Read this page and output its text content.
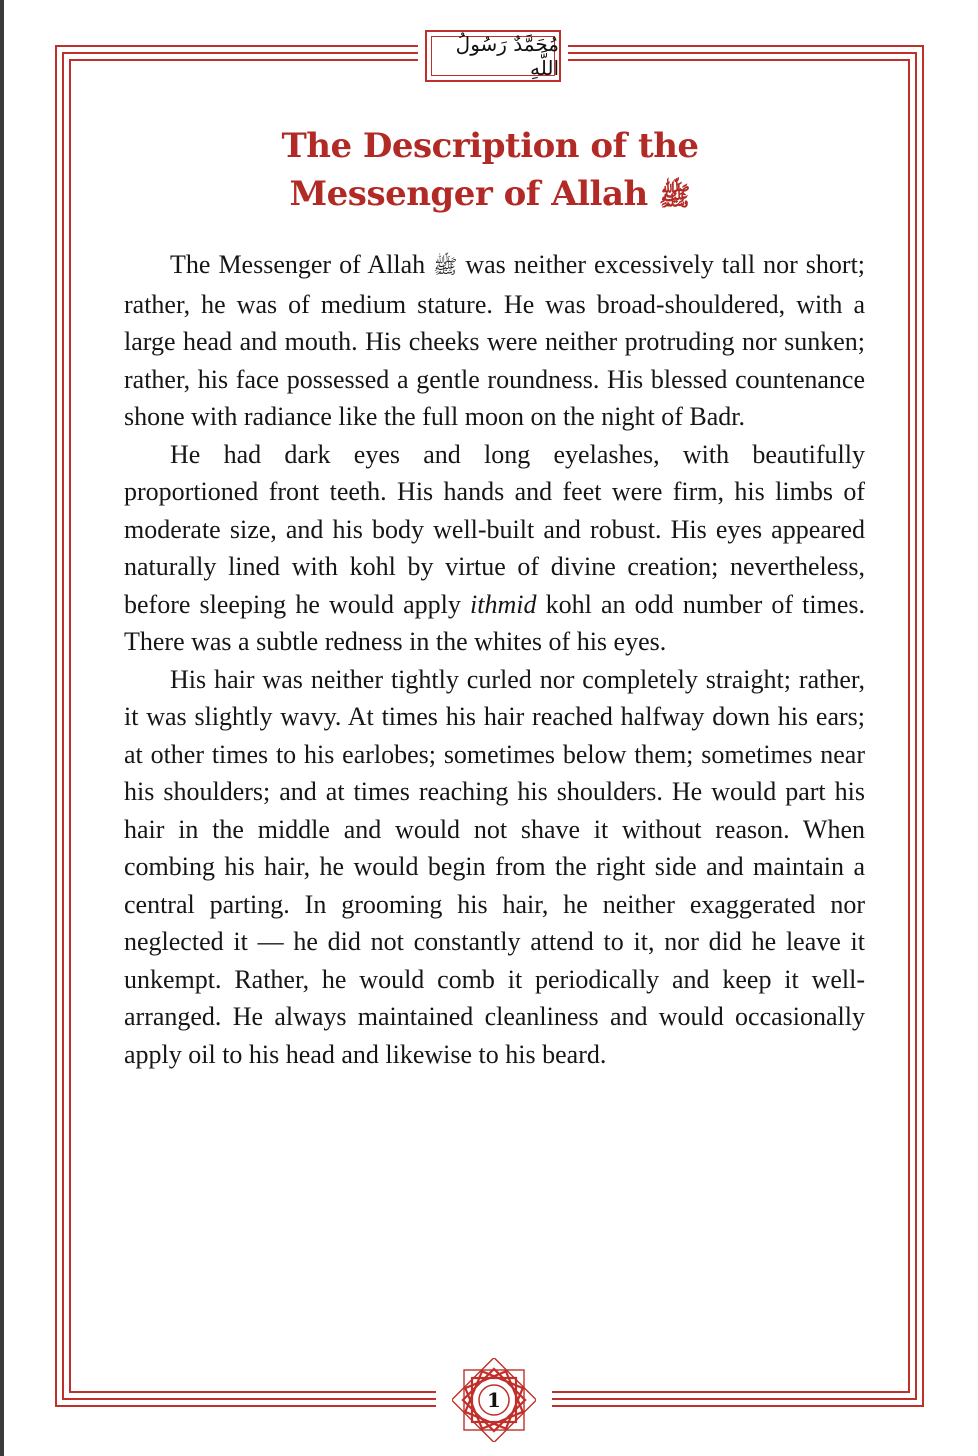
مُحَمَّدٌ رَسُولُ اللَّهِ
The Description of the
Messenger of Allah ﷺ

The Messenger of Allah ﷺ was neither excessively tall nor short; rather, he was of medium stature. He was broad-shouldered, with a large head and mouth. His cheeks were neither protruding nor sunken; rather, his face possessed a gentle roundness. His blessed countenance shone with radiance like the full moon on the night of Badr.

He had dark eyes and long eyelashes, with beautifully proportioned front teeth. His hands and feet were firm, his limbs of moderate size, and his body well-built and robust. His eyes appeared naturally lined with kohl by virtue of divine creation; nevertheless, before sleeping he would apply ithmid kohl an odd number of times. There was a subtle redness in the whites of his eyes.

His hair was neither tightly curled nor completely straight; rather, it was slightly wavy. At times his hair reached halfway down his ears; at other times to his earlobes; sometimes below them; sometimes near his shoulders; and at times reaching his shoulders. He would part his hair in the middle and would not shave it without reason. When combing his hair, he would begin from the right side and maintain a central parting. In grooming his hair, he neither exaggerated nor neglected it — he did not constantly attend to it, nor did he leave it unkempt. Rather, he would comb it periodically and keep it well-arranged. He always maintained cleanliness and would occasionally apply oil to his head and likewise to his beard.

1
